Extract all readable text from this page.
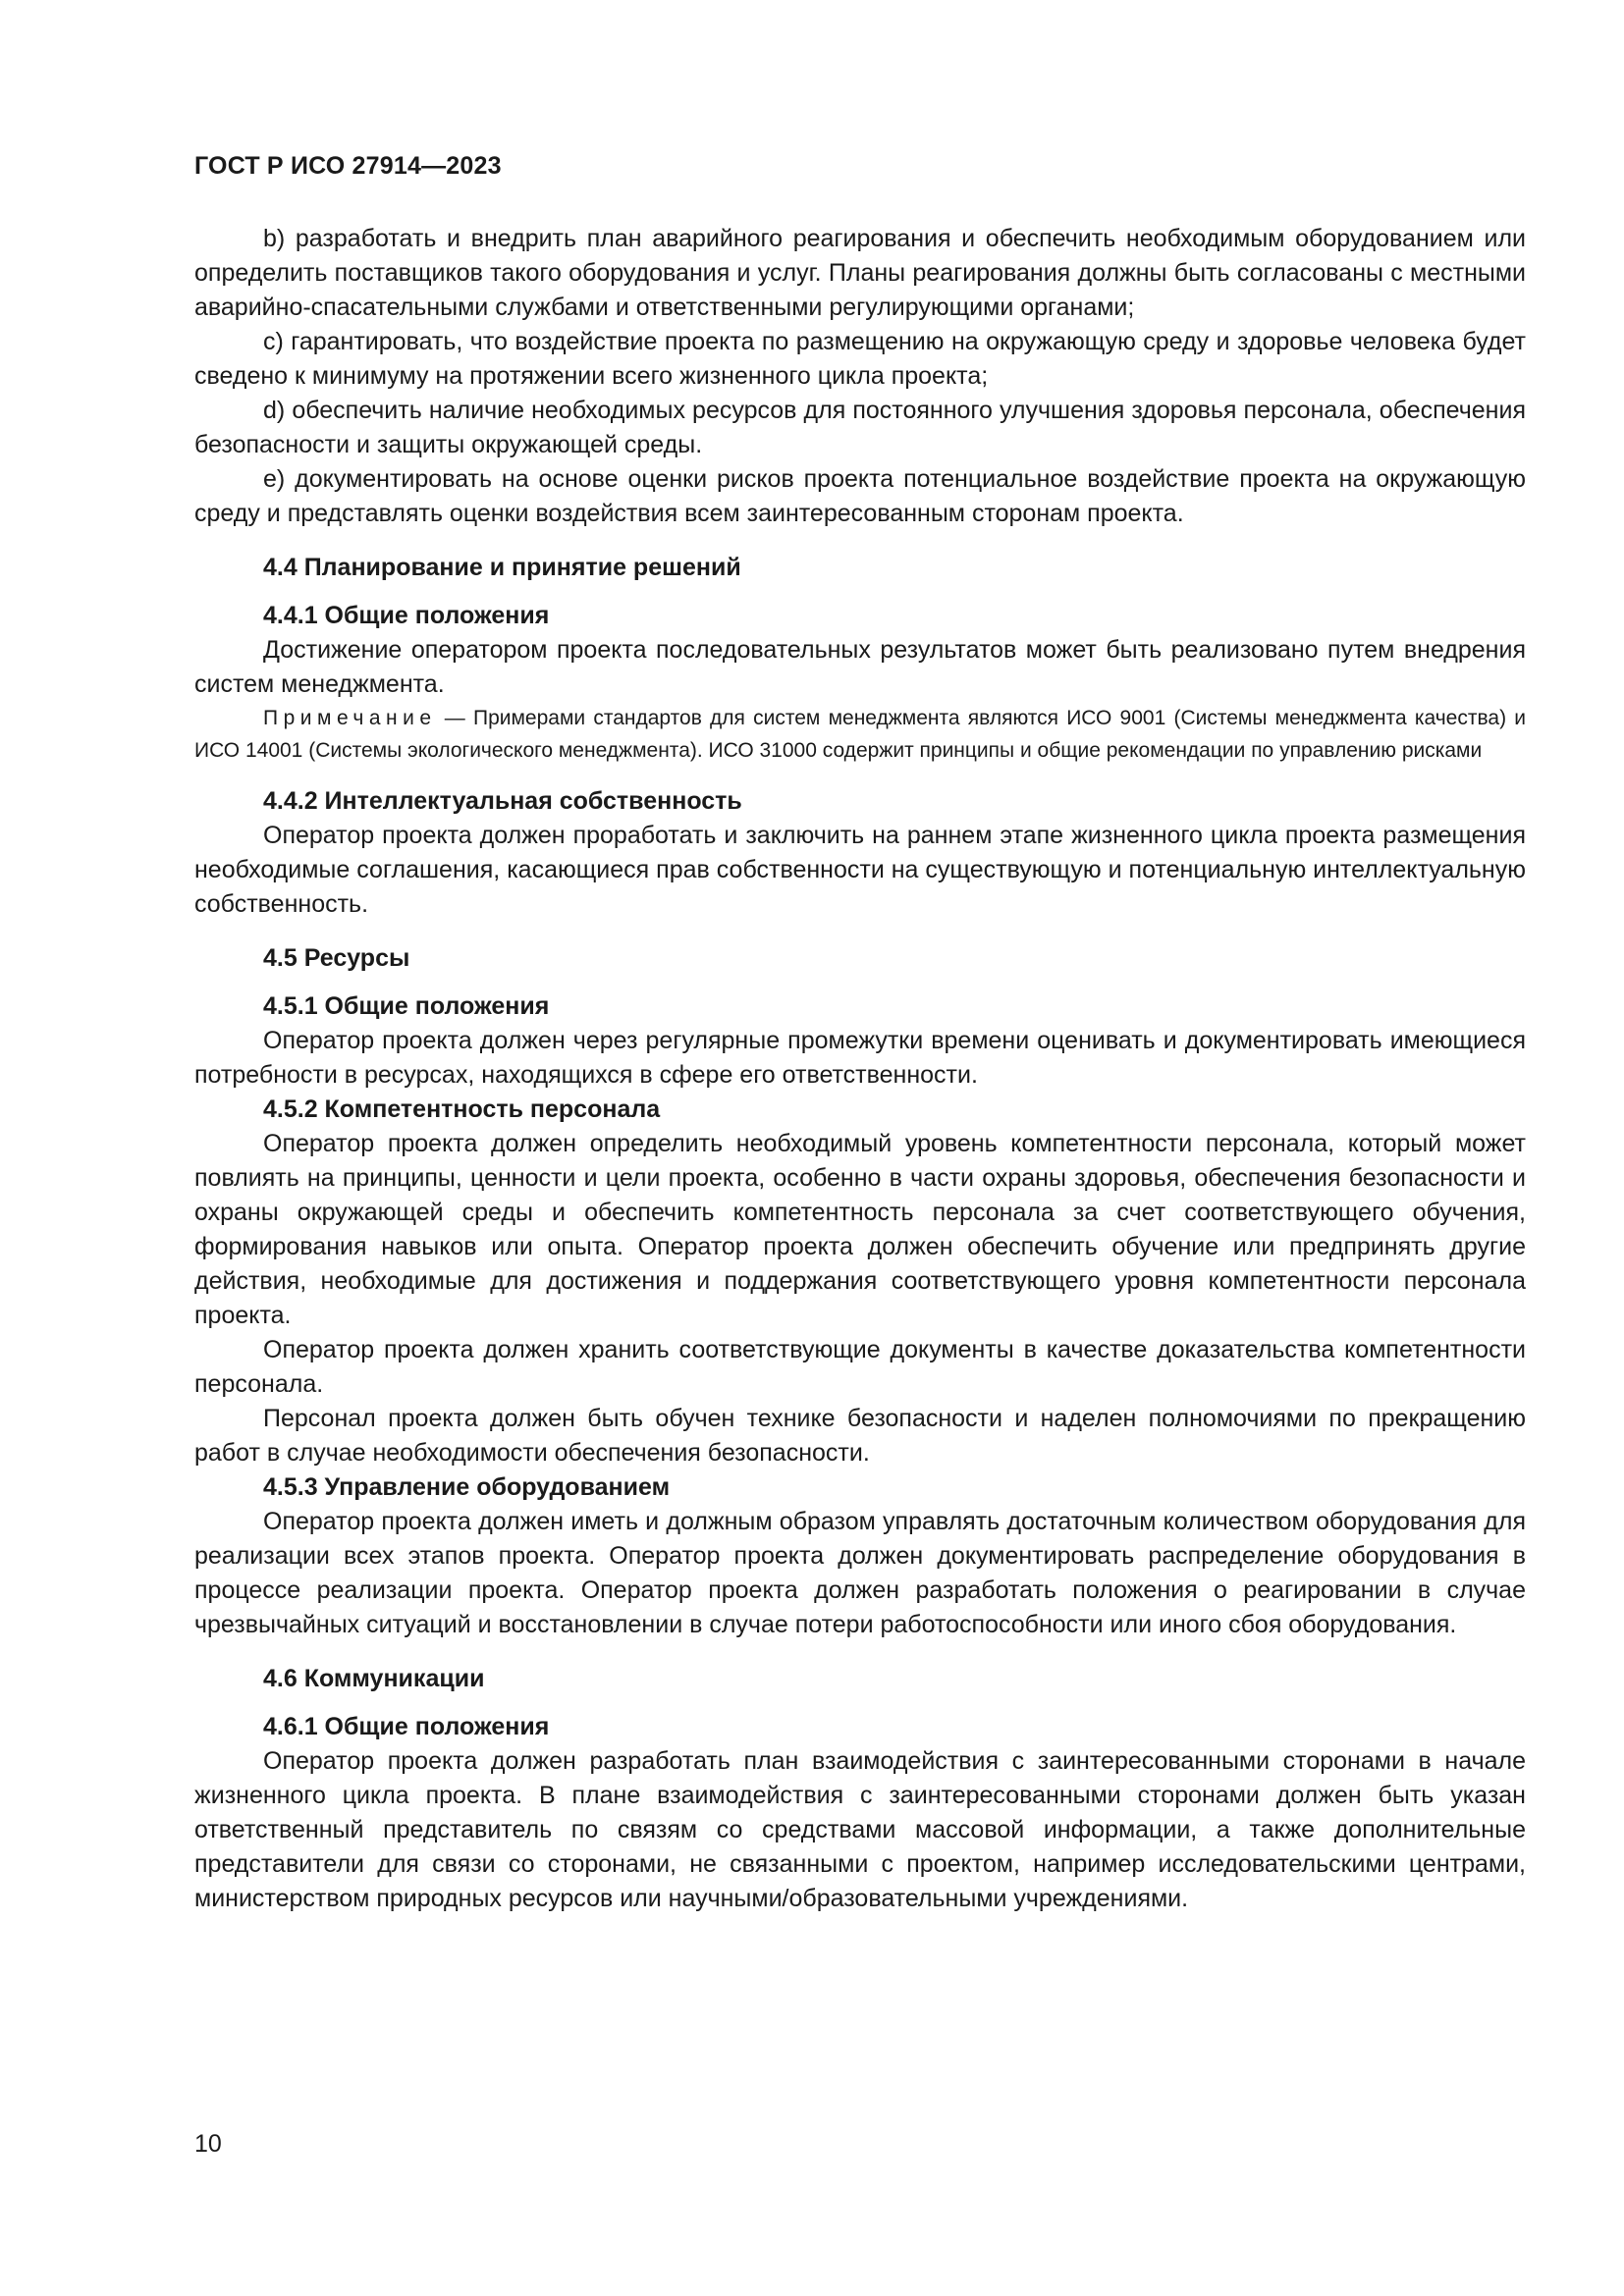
ГОСТ Р ИСО 27914—2023

b) разработать и внедрить план аварийного реагирования и обеспечить необходимым оборудованием или определить поставщиков такого оборудования и услуг. Планы реагирования должны быть согласованы с местными аварийно-спасательными службами и ответственными регулирующими органами;

c) гарантировать, что воздействие проекта по размещению на окружающую среду и здоровье человека будет сведено к минимуму на протяжении всего жизненного цикла проекта;

d) обеспечить наличие необходимых ресурсов для постоянного улучшения здоровья персонала, обеспечения безопасности и защиты окружающей среды.

e) документировать на основе оценки рисков проекта потенциальное воздействие проекта на окружающую среду и представлять оценки воздействия всем заинтересованным сторонам проекта.

4.4 Планирование и принятие решений
4.4.1 Общие положения

Достижение оператором проекта последовательных результатов может быть реализовано путем внедрения систем менеджмента.

Примечание — Примерами стандартов для систем менеджмента являются ИСО 9001 (Системы менеджмента качества) и ИСО 14001 (Системы экологического менеджмента). ИСО 31000 содержит принципы и общие рекомендации по управлению рисками

4.4.2 Интеллектуальная собственность

Оператор проекта должен проработать и заключить на раннем этапе жизненного цикла проекта размещения необходимые соглашения, касающиеся прав собственности на существующую и потенциальную интеллектуальную собственность.

4.5 Ресурсы
4.5.1 Общие положения

Оператор проекта должен через регулярные промежутки времени оценивать и документировать имеющиеся потребности в ресурсах, находящихся в сфере его ответственности.

4.5.2 Компетентность персонала

Оператор проекта должен определить необходимый уровень компетентности персонала, который может повлиять на принципы, ценности и цели проекта, особенно в части охраны здоровья, обеспечения безопасности и охраны окружающей среды и обеспечить компетентность персонала за счет соответствующего обучения, формирования навыков или опыта. Оператор проекта должен обеспечить обучение или предпринять другие действия, необходимые для достижения и поддержания соответствующего уровня компетентности персонала проекта.

Оператор проекта должен хранить соответствующие документы в качестве доказательства компетентности персонала.

Персонал проекта должен быть обучен технике безопасности и наделен полномочиями по прекращению работ в случае необходимости обеспечения безопасности.

4.5.3 Управление оборудованием

Оператор проекта должен иметь и должным образом управлять достаточным количеством оборудования для реализации всех этапов проекта. Оператор проекта должен документировать распределение оборудования в процессе реализации проекта. Оператор проекта должен разработать положения о реагировании в случае чрезвычайных ситуаций и восстановлении в случае потери работоспособности или иного сбоя оборудования.

4.6 Коммуникации
4.6.1 Общие положения

Оператор проекта должен разработать план взаимодействия с заинтересованными сторонами в начале жизненного цикла проекта. В плане взаимодействия с заинтересованными сторонами должен быть указан ответственный представитель по связям со средствами массовой информации, а также дополнительные представители для связи со сторонами, не связанными с проектом, например исследовательскими центрами, министерством природных ресурсов или научными/образовательными учреждениями.

10
